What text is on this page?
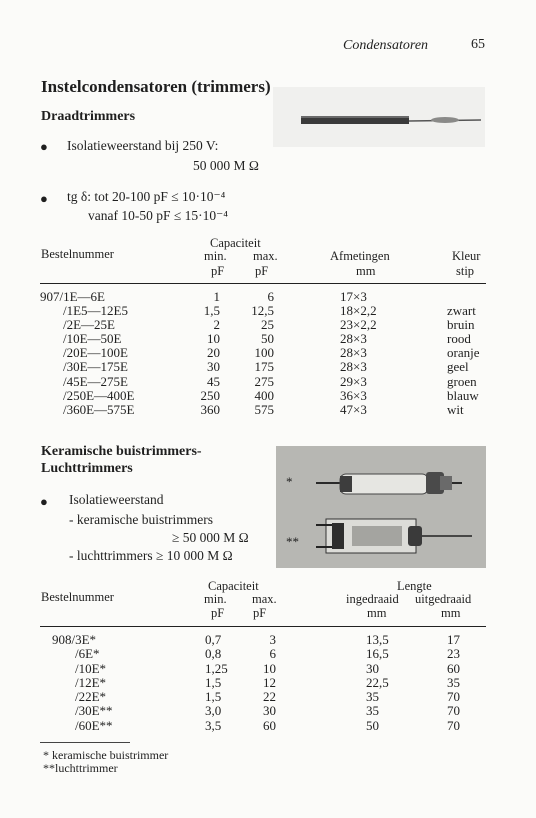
Condensatoren	65
Instelcondensatoren (trimmers)
Draadtrimmers
● Isolatieweerstand bij 250 V:
50 000 M Ω
● tg δ: tot 20-100 pF ≤ 10·10⁻⁴
vanaf 10-50 pF ≤ 15·10⁻⁴
Bestelnummer
Capaciteit
min. max.
pF pF
Afmetingen
mm
Kleur
stip
907/1E—6E
/1E5—12E5
/2E—25E
/10E—50E
/20E—100E
/30E—175E
/45E—275E
/250E—400E
/360E—575E
1
1,5
2
10
20
30
45
250
360
6
12,5
25
50
100
175
275
400
575
17×3
18×2,2
23×2,2
28×3
28×3
28×3
29×3
36×3
47×3
zwart
bruin
rood
oranje
geel
groen
blauw
wit
Keramische buistrimmers-
Luchttrimmers
● Isolatieweerstand
- keramische buistrimmers
≥ 50 000 M Ω
- luchttrimmers ≥ 10 000 M Ω
*
**
Bestelnummer
Capaciteit
min. max.
pF pF
Lengte
ingedraaid uitgedraaid
mm	mm
908/3E*
/6E*
/10E*
/12E*
/22E*
/30E**
/60E**
0,7
0,8
1,25
1,5
1,5
3,0
3,5
3
6
10
12
22
30
60
13,5
16,5
30
22,5
35
35
50
17
23
60
35
70
70
70
* keramische buistrimmer
**luchttrimmer
